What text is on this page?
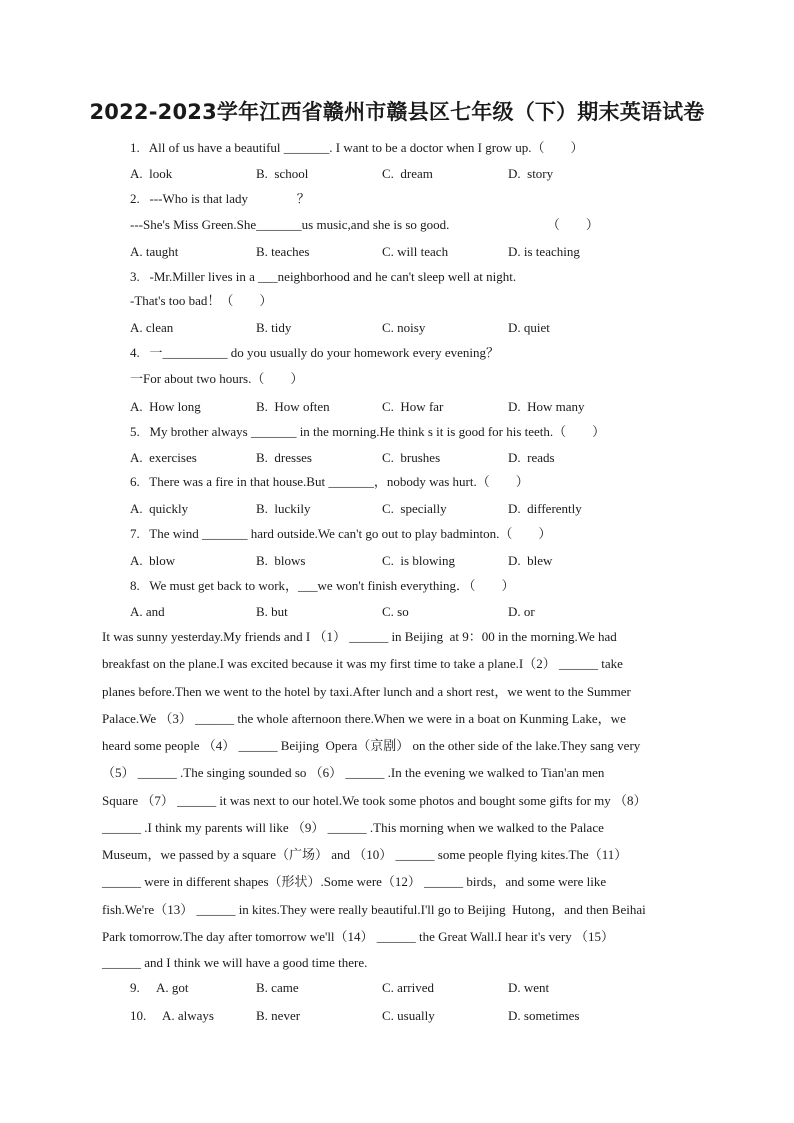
2022-2023学年江西省赣州市赣县区七年级（下）期末英语试卷
1.   All of us have a beautiful _______. I want to be a doctor when I grow up.（        ）
A.  look	B.  school	C.  dream	D.  story
2.   ---Who is that lady               ？
---She's Miss Green.She_______us music,and she is so good.                              （        ）
A. taught	B. teaches	C. will teach	D. is teaching
3.   -Mr.Miller lives in a ___neighborhood and he can't sleep well at night.
-That's too bad！（        ）
A. clean	B. tidy	C. noisy	D. quiet
4.   一__________ do you usually do your homework every evening？
一For about two hours.（        ）
A.  How long	B.  How often	C.  How far	D.  How many
5.   My brother always _______ in the morning.He think s it is good for his teeth.（        ）
A.  exercises	B.  dresses	C.  brushes	D.  reads
6.   There was a fire in that house.But _______，nobody was hurt.（        ）
A.  quickly	B.  luckily	C.  specially	D.  differently
7.   The wind _______ hard outside.We can't go out to play badminton.（        ）
A.  blow	B.  blows	C.  is blowing	D.  blew
8.   We must get back to work，___we won't finish everything．（        ）
A. and	B. but	C. so	D. or
It was sunny yesterday.My friends and I （1） ______ in Beijing  at 9：00 in the morning.We had
breakfast on the plane.I was excited because it was my first time to take a plane.I（2） ______ take
planes before.Then we went to the hotel by taxi.After lunch and a short rest，we went to the Summer
Palace.We （3） ______ the whole afternoon there.When we were in a boat on Kunming Lake，we
heard some people （4） ______ Beijing  Opera（京剧） on the other side of the lake.They sang very
（5） ______ .The singing sounded so （6） ______ .In the evening we walked to Tian'an men
Square （7） ______ it was next to our hotel.We took some photos and bought some gifts for my （8）
______ .I think my parents will like （9） ______ .This morning when we walked to the Palace
Museum，we passed by a square（广场） and （10） ______ some people flying kites.The（11）
______ were in different shapes（形状）.Some were（12） ______ birds，and some were like
fish.We're（13） ______ in kites.They were really beautiful.I'll go to Beijing  Hutong，and then Beihai
Park tomorrow.The day after tomorrow we'll（14） ______ the Great Wall.I hear it's very （15）
______ and I think we will have a good time there.
9. A. got	B. came	C. arrived	D. went
10. A. always	B. never	C. usually	D. sometimes
